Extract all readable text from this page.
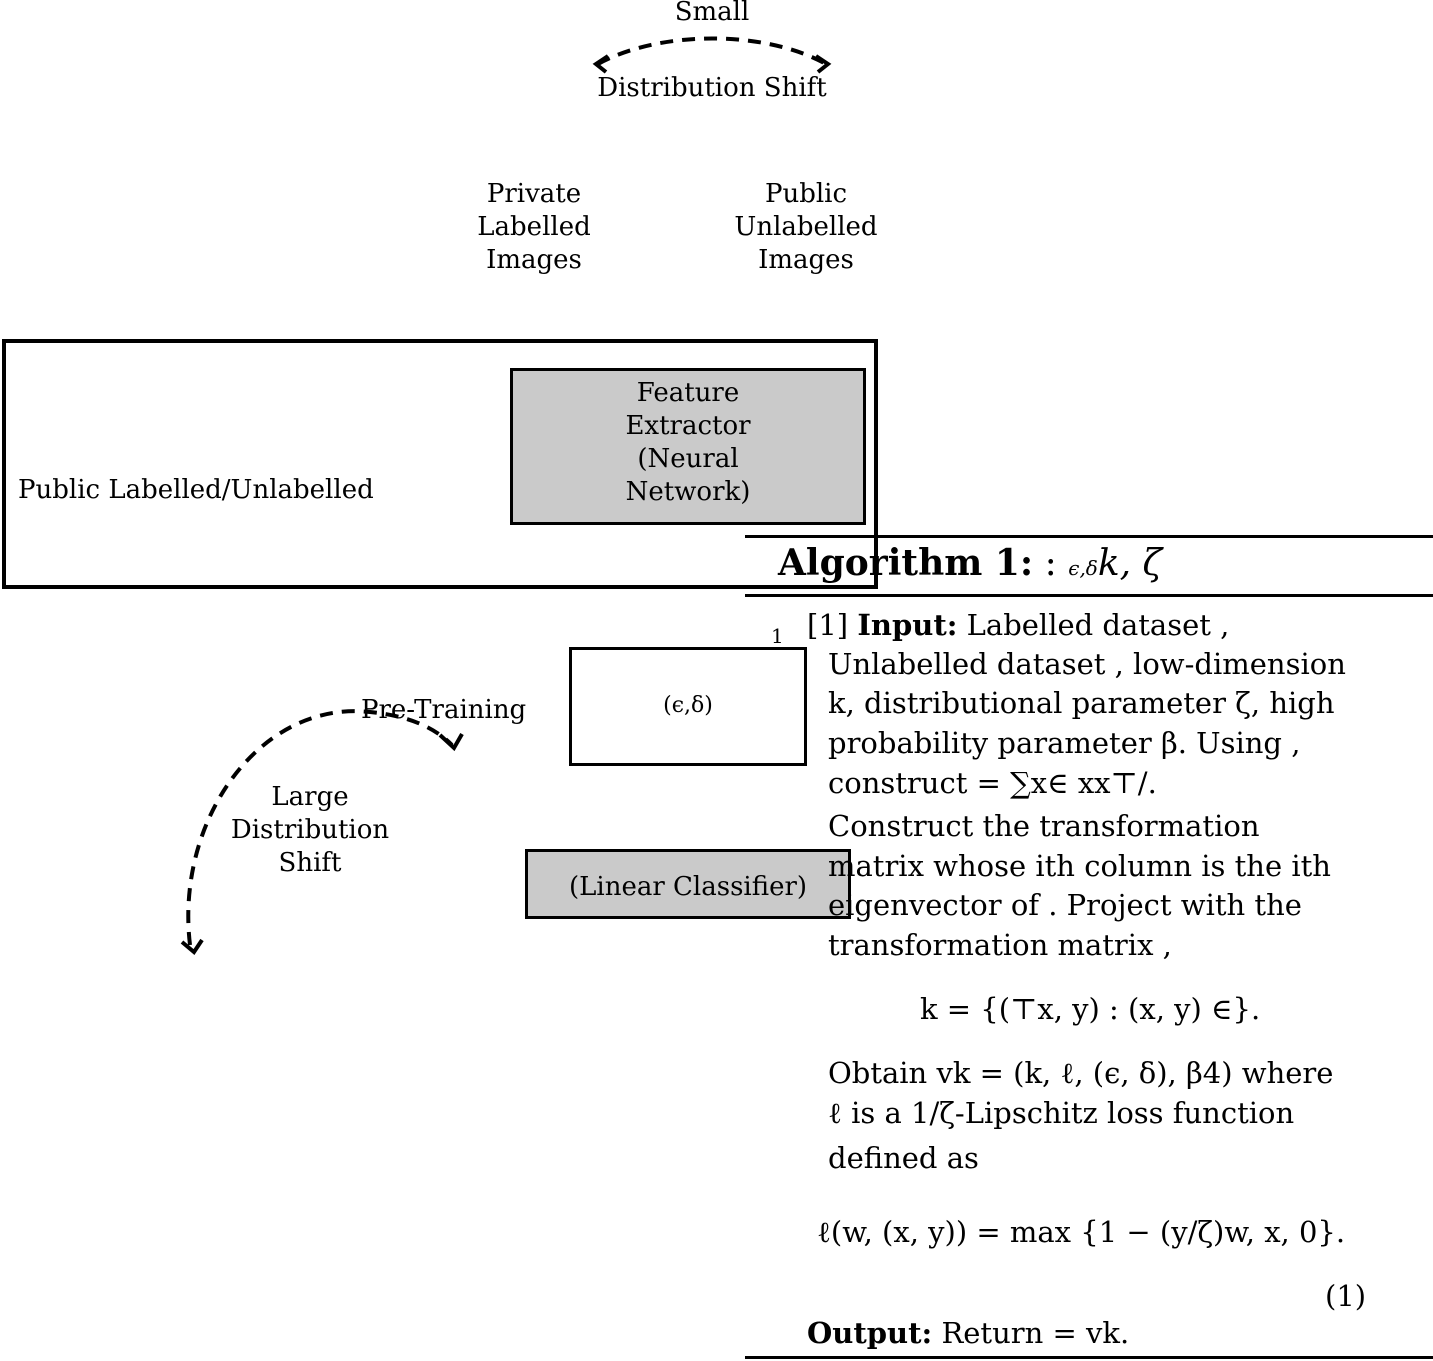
Small
Distribution Shift
Private
Labelled
Images
Public
Unlabelled
Images
Public Labelled/Unlabelled
Feature
Extractor
(Neural
Network)
(ϵ,δ)
(Linear Classifier)
Pre-Training
Large
Distribution
Shift
Algorithm 1: : ϵ,δk, ζ
1 [1] Input: Labelled dataset ,
Unlabelled dataset , low-dimension
k, distributional parameter ζ, high
probability parameter β. Using ,
construct = ∑x∈ xx⊤/.
Construct the transformation
matrix whose ith column is the ith
eigenvector of . Project with the
transformation matrix ,
k = {(⊤x, y) : (x, y) ∈}.
Obtain vk = (k, ℓ, (ϵ, δ), β4) where
ℓ is a 1/ζ-Lipschitz loss function
defined as
ℓ(w, (x, y)) = max {1 − (y/ζ)w, x, 0}.
(1)
Output: Return = vk.
